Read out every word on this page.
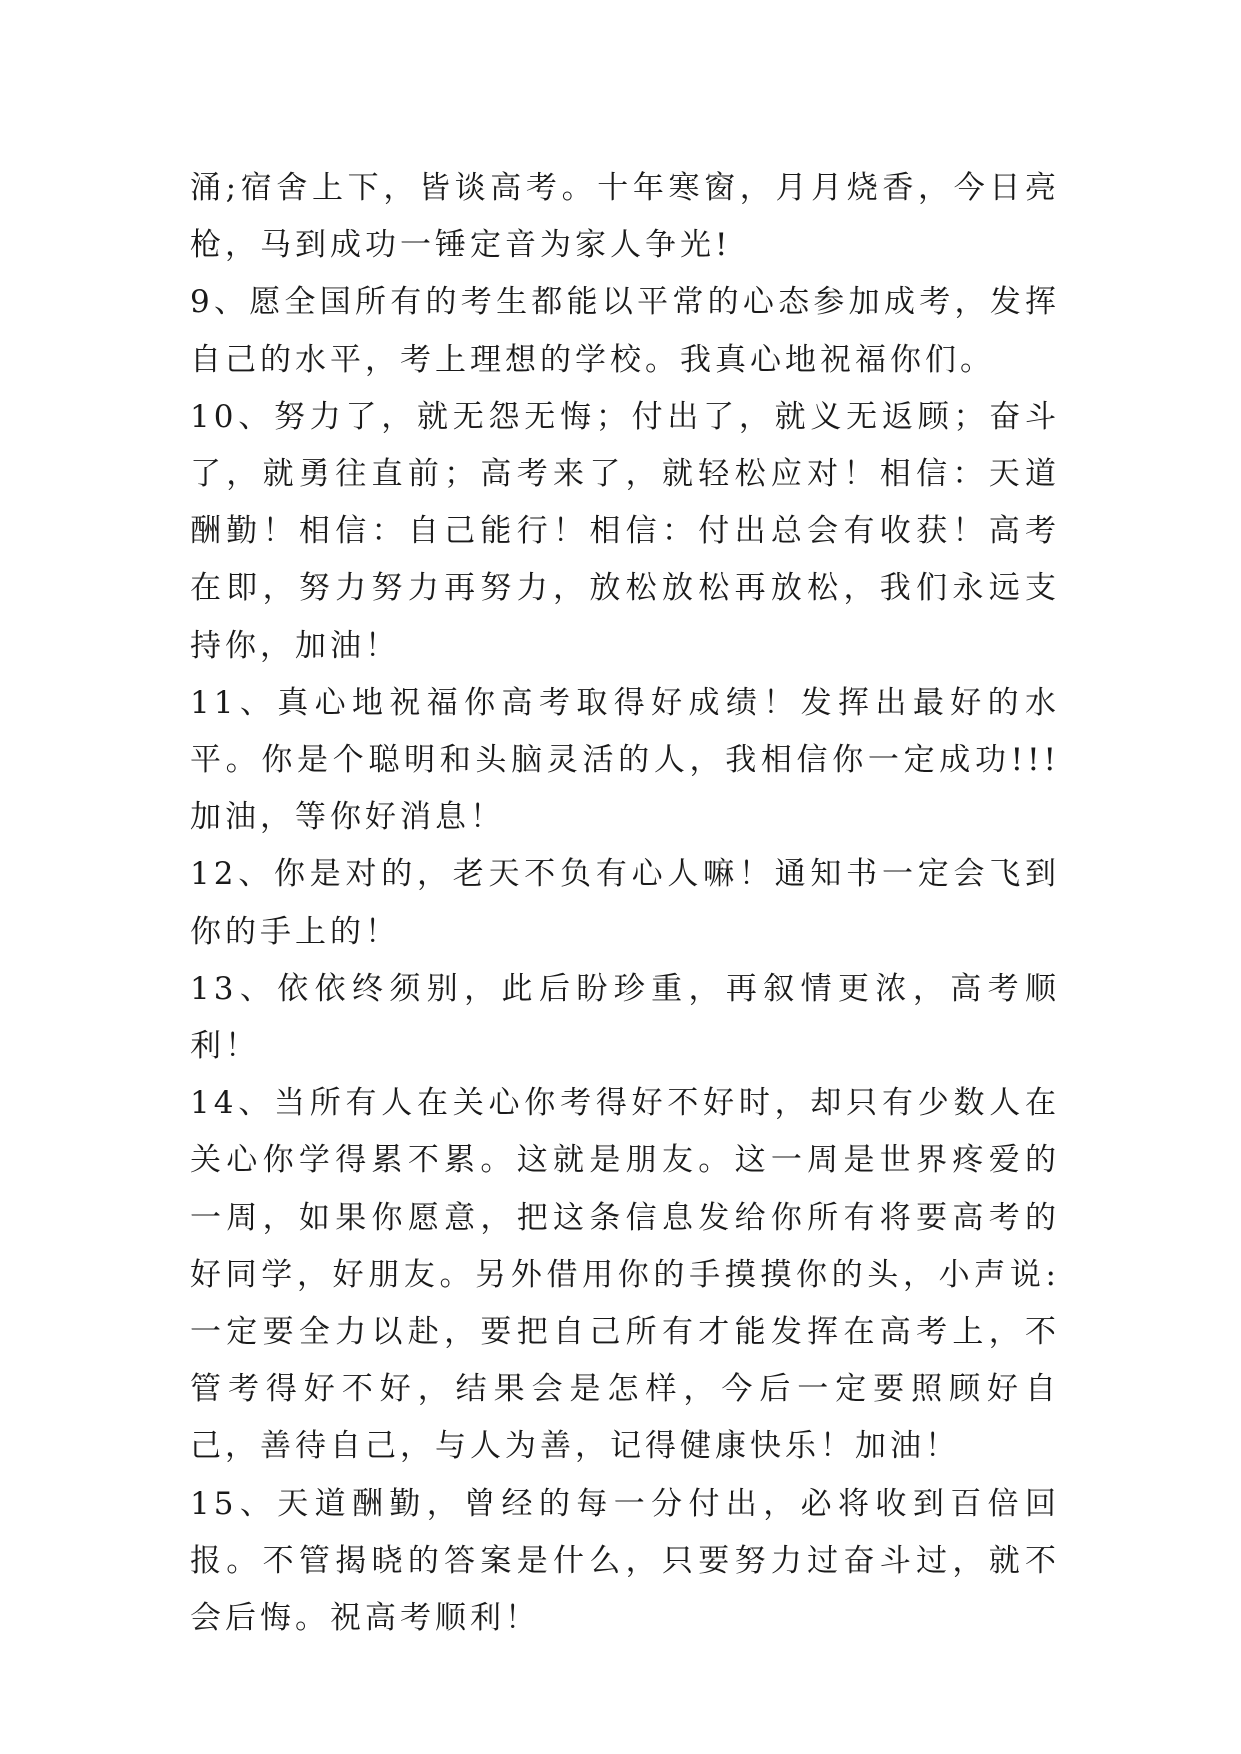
涌;宿舍上下，皆谈高考。十年寒窗，月月烧香，今日亮枪，马到成功一锤定音为家人争光!

9、愿全国所有的考生都能以平常的心态参加成考，发挥自己的水平，考上理想的学校。我真心地祝福你们。

10、努力了，就无怨无悔；付出了，就义无返顾；奋斗了，就勇往直前；高考来了，就轻松应对！相信：天道酬勤！相信：自己能行！相信：付出总会有收获！高考在即，努力努力再努力，放松放松再放松，我们永远支持你，加油！

11、真心地祝福你高考取得好成绩！发挥出最好的水平。你是个聪明和头脑灵活的人，我相信你一定成功!!! 加油，等你好消息！

12、你是对的，老天不负有心人嘛！通知书一定会飞到你的手上的！

13、依依终须别，此后盼珍重，再叙情更浓，高考顺利！

14、当所有人在关心你考得好不好时，却只有少数人在关心你学得累不累。这就是朋友。这一周是世界疼爱的一周，如果你愿意，把这条信息发给你所有将要高考的好同学，好朋友。另外借用你的手摸摸你的头，小声说:一定要全力以赴，要把自己所有才能发挥在高考上，不管考得好不好，结果会是怎样，今后一定要照顾好自己，善待自己，与人为善，记得健康快乐！加油！

15、天道酬勤，曾经的每一分付出，必将收到百倍回报。不管揭晓的答案是什么，只要努力过奋斗过，就不会后悔。祝高考顺利！
